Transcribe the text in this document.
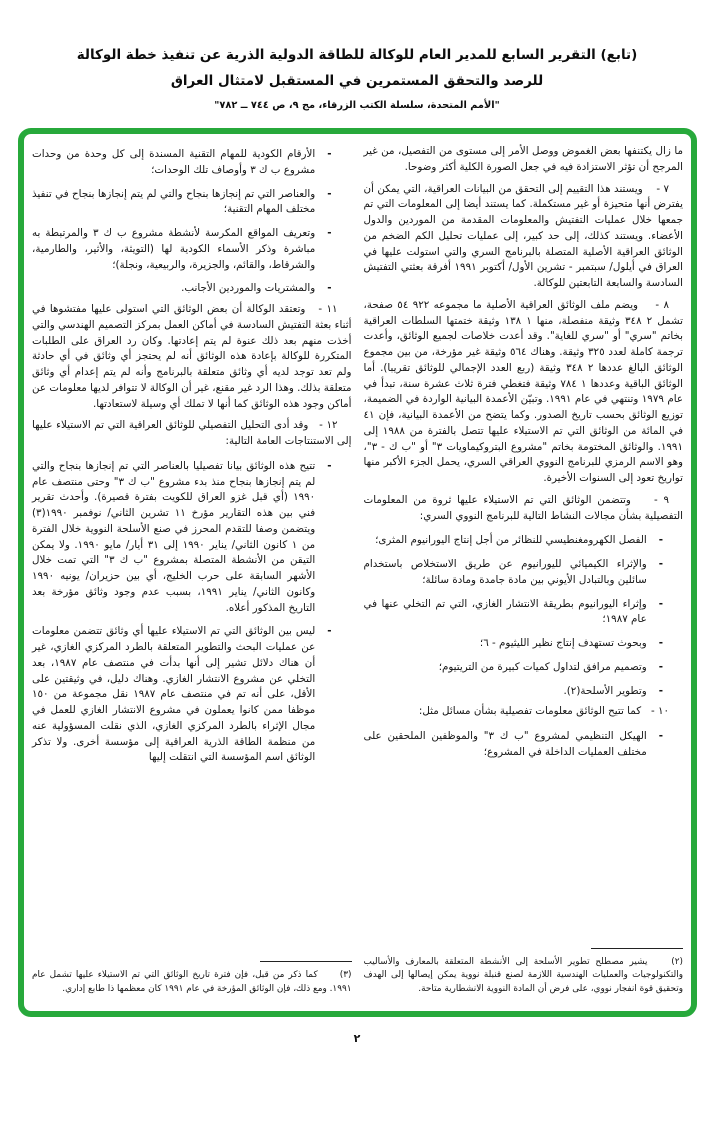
(تابع) التقرير السابع للمدير العام للوكالة للطاقة الدولية الذرية عن تنفيذ خطة الوكالة
للرصد والتحقق المستمرين في المستقبل لامتثال العراق
"الأمم المتحدة، سلسلة الكتب الزرقاء، مج ٩، ص ٧٤٤ ــ ٧٨٢"

ما زال يكتنفها بعض الغموض ووصل الأمر إلى مستوى من التفصيل، من غير المرجح أن تؤثر الاستزادة فيه في جعل الصورة الكلية أكثر وضوحا.

٧ -    ويستند هذا التقييم إلى التحقق من البيانات العراقية، التي يمكن أن يفترض أنها متحيزة أو غير مستكملة. كما يستند أيضا إلى المعلومات التي تم جمعها خلال عمليات التفتيش والمعلومات المقدمة من الموردين والدول الأعضاء. ويستند كذلك، إلى حد كبير، إلى عمليات تحليل الكم الضخم من الوثائق العراقية الأصلية المتصلة بالبرنامج السري والتي استولت عليها في العراق في أيلول/ سبتمبر - تشرين الأول/ أكتوبر ١٩٩١ أفرقة بعثتي التفتيش السادسة والسابعة التابعتين للوكالة.

٨ -    ويضم ملف الوثائق العراقية الأصلية ما مجموعه ٩٢٢ ٥٤ صفحة، تشمل ٢ ٣٤٨ وثيقة منفصلة، منها ١ ١٣٨ وثيقة ختمتها السلطات العراقية بخاتم "سري" أو "سري للغاية". وقد أعدت خلاصات لجميع الوثائق، وأعدت ترجمة كاملة لعدد ٣٢٥ وثيقة. وهناك ٥٦٤ وثيقة غير مؤرخة، من بين مجموع الوثائق البالغ عددها ٢ ٣٤٨ وثيقة (ربع العدد الإجمالي للوثائق تقريبا). أما الوثائق الباقية وعددها ١ ٧٨٤ وثيقة فتغطي فترة ثلاث عشرة سنة، تبدأ في عام ١٩٧٩ وتنتهي في عام ١٩٩١. وتبيّن الأعمدة البيانية الواردة في الضميمة، توزيع الوثائق بحسب تاريخ الصدور. وكما يتضح من الأعمدة البيانية، فإن ٤١ في المائة من الوثائق التي تم الاستيلاء عليها تتصل بالفترة من ١٩٨٨ إلى ١٩٩١. والوثائق المختومة بخاتم "مشروع البتروكيماويات ٣" أو "ب ك - ٣"، وهو الاسم الرمزي للبرنامج النووي العراقي السري، يحمل الجزء الأكبر منها تواريخ تعود إلى السنوات الأخيرة.

٩ -    وتتضمن الوثائق التي تم الاستيلاء عليها ثروة من المعلومات التفصيلية بشأن مجالات النشاط التالية للبرنامج النووي السري:

-
الفصل الكهرومغنطيسي للنظائر من أجل إنتاج اليورانيوم المثرى؛
-
والإثراء الكيميائي لليورانيوم عن طريق الاستخلاص باستخدام سائلين وبالتبادل الأيوني بين مادة جامدة ومادة سائلة؛
-
وإثراء اليورانيوم بطريقة الانتشار الغازي، التي تم التخلي عنها في عام ١٩٨٧؛
-
وبحوث تستهدف إنتاج نظير الليثيوم - ٦؛
-
وتصميم مرافق لتداول كميات كبيرة من التريتيوم؛
-
وتطوير الأسلحة(٢).

١٠ -   كما تتيح الوثائق معلومات تفصيلية بشأن مسائل مثل:

-
الهيكل التنظيمي لمشروع "ب ك ٣" والموظفين الملحقين على مختلف العمليات الداخلة في المشروع؛

(٢) يشير مصطلح تطوير الأسلحة إلى الأنشطة المتعلقة بالمعارف والأساليب والتكنولوجيات والعمليات الهندسية اللازمة لصنع قنبلة نووية يمكن إيصالها إلى الهدف وتحقيق قوة انفجار نووي، على فرض أن المادة النووية الانشطارية متاحة.

-
الأرقام الكودية للمهام التقنية المسندة إلى كل وحدة من وحدات مشروع ب ك ٣ وأوصاف تلك الوحدات؛
-
والعناصر التي تم إنجازها بنجاح والتي لم يتم إنجازها بنجاح في تنفيذ مختلف المهام التقنية؛
-
وتعريف المواقع المكرسة لأنشطة مشروع ب ك ٣ والمرتبطة به مباشرة وذكر الأسماء الكودية لها (التويثة، والأثير، والطارمية، والشرقاط، والقائم، والجزيرة، والربيعية، ونجلة)؛
-
والمشتريات والموردين الأجانب.

١١ -   وتعتقد الوكالة أن بعض الوثائق التي استولى عليها مفتشوها في أثناء بعثة التفتيش السادسة في أماكن العمل بمركز التصميم الهندسي والتي أخذت منهم بعد ذلك عنوة لم يتم إعادتها. وكان رد العراق على الطلبات المتكررة للوكالة بإعادة هذه الوثائق أنه لم يحتجز أي وثائق في أي حادثة ولم تعد توجد لديه أي وثائق متعلقة بالبرنامج وأنه لم يتم إعدام أي وثائق متعلقة بذلك. وهذا الرد غير مقنع، غير أن الوكالة لا تتوافر لديها معلومات عن أماكن وجود هذه الوثائق كما أنها لا تملك أي وسيلة لاستعادتها.

١٢ -   وقد أدى التحليل التفصيلي للوثائق العراقية التي تم الاستيلاء عليها إلى الاستنتاجات العامة التالية:

-
تتيح هذه الوثائق بيانا تفصيليا بالعناصر التي تم إنجازها بنجاح والتي لم يتم إنجازها بنجاح منذ بدء مشروع "ب ك ٣" وحتى منتصف عام ١٩٩٠ (أي قبل غزو العراق للكويت بفترة قصيرة). وأحدث تقرير فني بين هذه التقارير مؤرخ ١١ تشرين الثاني/ نوفمبر ١٩٩٠(٣) ويتضمن وصفا للتقدم المحرز في صنع الأسلحة النووية خلال الفترة من ١ كانون الثاني/ يناير ١٩٩٠ إلى ٣١ أيار/ مايو ١٩٩٠. ولا يمكن التيقن من الأنشطة المتصلة بمشروع "ب ك ٣" التي تمت خلال الأشهر السابقة على حرب الخليج، أي بين حزيران/ يونيه ١٩٩٠ وكانون الثاني/ يناير ١٩٩١، بسبب عدم وجود وثائق مؤرخة بعد التاريخ المذكور أعلاه.
-
ليس بين الوثائق التي تم الاستيلاء عليها أي وثائق تتضمن معلومات عن عمليات البحث والتطوير المتعلقة بالطرد المركزي الغازي، غير أن هناك دلائل تشير إلى أنها بدأت في منتصف عام ١٩٨٧، بعد التخلي عن مشروع الانتشار الغازي. وهناك دليل، في وثيقتين على الأقل، على أنه تم في منتصف عام ١٩٨٧ نقل مجموعة من ١٥٠ موظفا ممن كانوا يعملون في مشروع الانتشار الغازي للعمل في مجال الإثراء بالطرد المركزي الغازي، الذي نقلت المسؤولية عنه من منظمة الطاقة الذرية العراقية إلى مؤسسة أخرى. ولا تذكر الوثائق اسم المؤسسة التي انتقلت إليها

(٣) كما ذكر من قبل، فإن فترة تاريخ الوثائق التي تم الاستيلاء عليها تشمل عام ١٩٩١. ومع ذلك، فإن الوثائق المؤرخة في عام ١٩٩١ كان معظمها ذا طابع إداري.

٢
